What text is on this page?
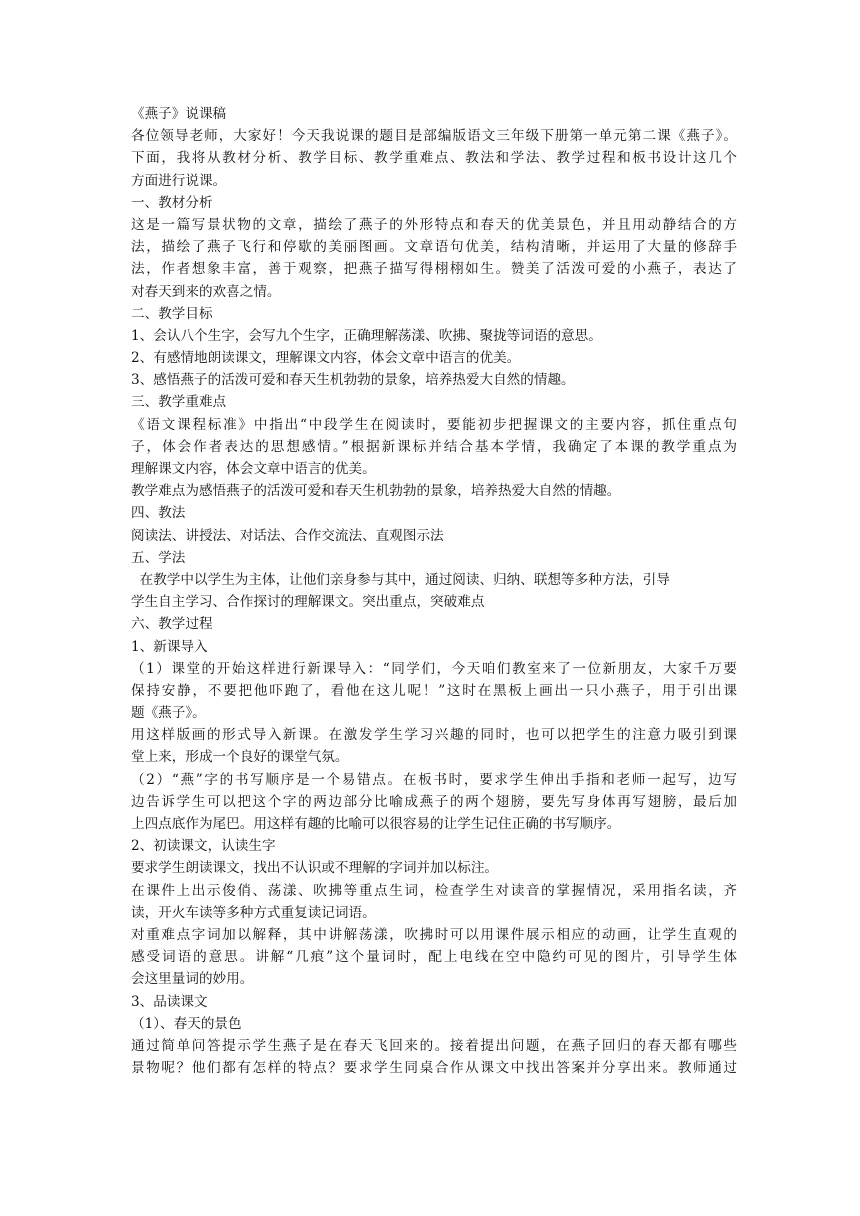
《燕子》说课稿
各位领导老师，大家好！今天我说课的题目是部编版语文三年级下册第一单元第二课《燕子》。
下面，我将从教材分析、教学目标、教学重难点、教法和学法、教学过程和板书设计这几个
方面进行说课。
一、教材分析
这是一篇写景状物的文章，描绘了燕子的外形特点和春天的优美景色，并且用动静结合的方
法，描绘了燕子飞行和停歇的美丽图画。文章语句优美，结构清晰，并运用了大量的修辞手
法，作者想象丰富，善于观察，把燕子描写得栩栩如生。赞美了活泼可爱的小燕子，表达了
对春天到来的欢喜之情。
二、教学目标
1、会认八个生字，会写九个生字，正确理解荡漾、吹拂、聚拢等词语的意思。
2、有感情地朗读课文，理解课文内容，体会文章中语言的优美。
3、感悟燕子的活泼可爱和春天生机勃勃的景象，培养热爱大自然的情趣。
三、教学重难点
《语文课程标准》中指出“中段学生在阅读时，要能初步把握课文的主要内容，抓住重点句
子，体会作者表达的思想感情。”根据新课标并结合基本学情，我确定了本课的教学重点为
理解课文内容，体会文章中语言的优美。
教学难点为感悟燕子的活泼可爱和春天生机勃勃的景象，培养热爱大自然的情趣。
四、教法
阅读法、讲授法、对话法、合作交流法、直观图示法
五、学法
在教学中以学生为主体，让他们亲身参与其中，通过阅读、归纳、联想等多种方法，引导
学生自主学习、合作探讨的理解课文。突出重点，突破难点
六、教学过程
1、新课导入
（1）课堂的开始这样进行新课导入：“同学们，今天咱们教室来了一位新朋友，大家千万要
保持安静，不要把他吓跑了，看他在这儿呢！”这时在黑板上画出一只小燕子，用于引出课
题《燕子》。
用这样版画的形式导入新课。在激发学生学习兴趣的同时，也可以把学生的注意力吸引到课
堂上来，形成一个良好的课堂气氛。
（2）“燕”字的书写顺序是一个易错点。在板书时，要求学生伸出手指和老师一起写，边写
边告诉学生可以把这个字的两边部分比喻成燕子的两个翅膀，要先写身体再写翅膀，最后加
上四点底作为尾巴。用这样有趣的比喻可以很容易的让学生记住正确的书写顺序。
2、初读课文，认读生字
要求学生朗读课文，找出不认识或不理解的字词并加以标注。
在课件上出示俊俏、荡漾、吹拂等重点生词，检查学生对读音的掌握情况，采用指名读，齐
读，开火车读等多种方式重复读记词语。
对重难点字词加以解释，其中讲解荡漾，吹拂时可以用课件展示相应的动画，让学生直观的
感受词语的意思。讲解“几痕”这个量词时，配上电线在空中隐约可见的图片，引导学生体
会这里量词的妙用。
3、品读课文
（1）、春天的景色
通过简单问答提示学生燕子是在春天飞回来的。接着提出问题，在燕子回归的春天都有哪些
景物呢？他们都有怎样的特点？要求学生同桌合作从课文中找出答案并分享出来。教师通过
